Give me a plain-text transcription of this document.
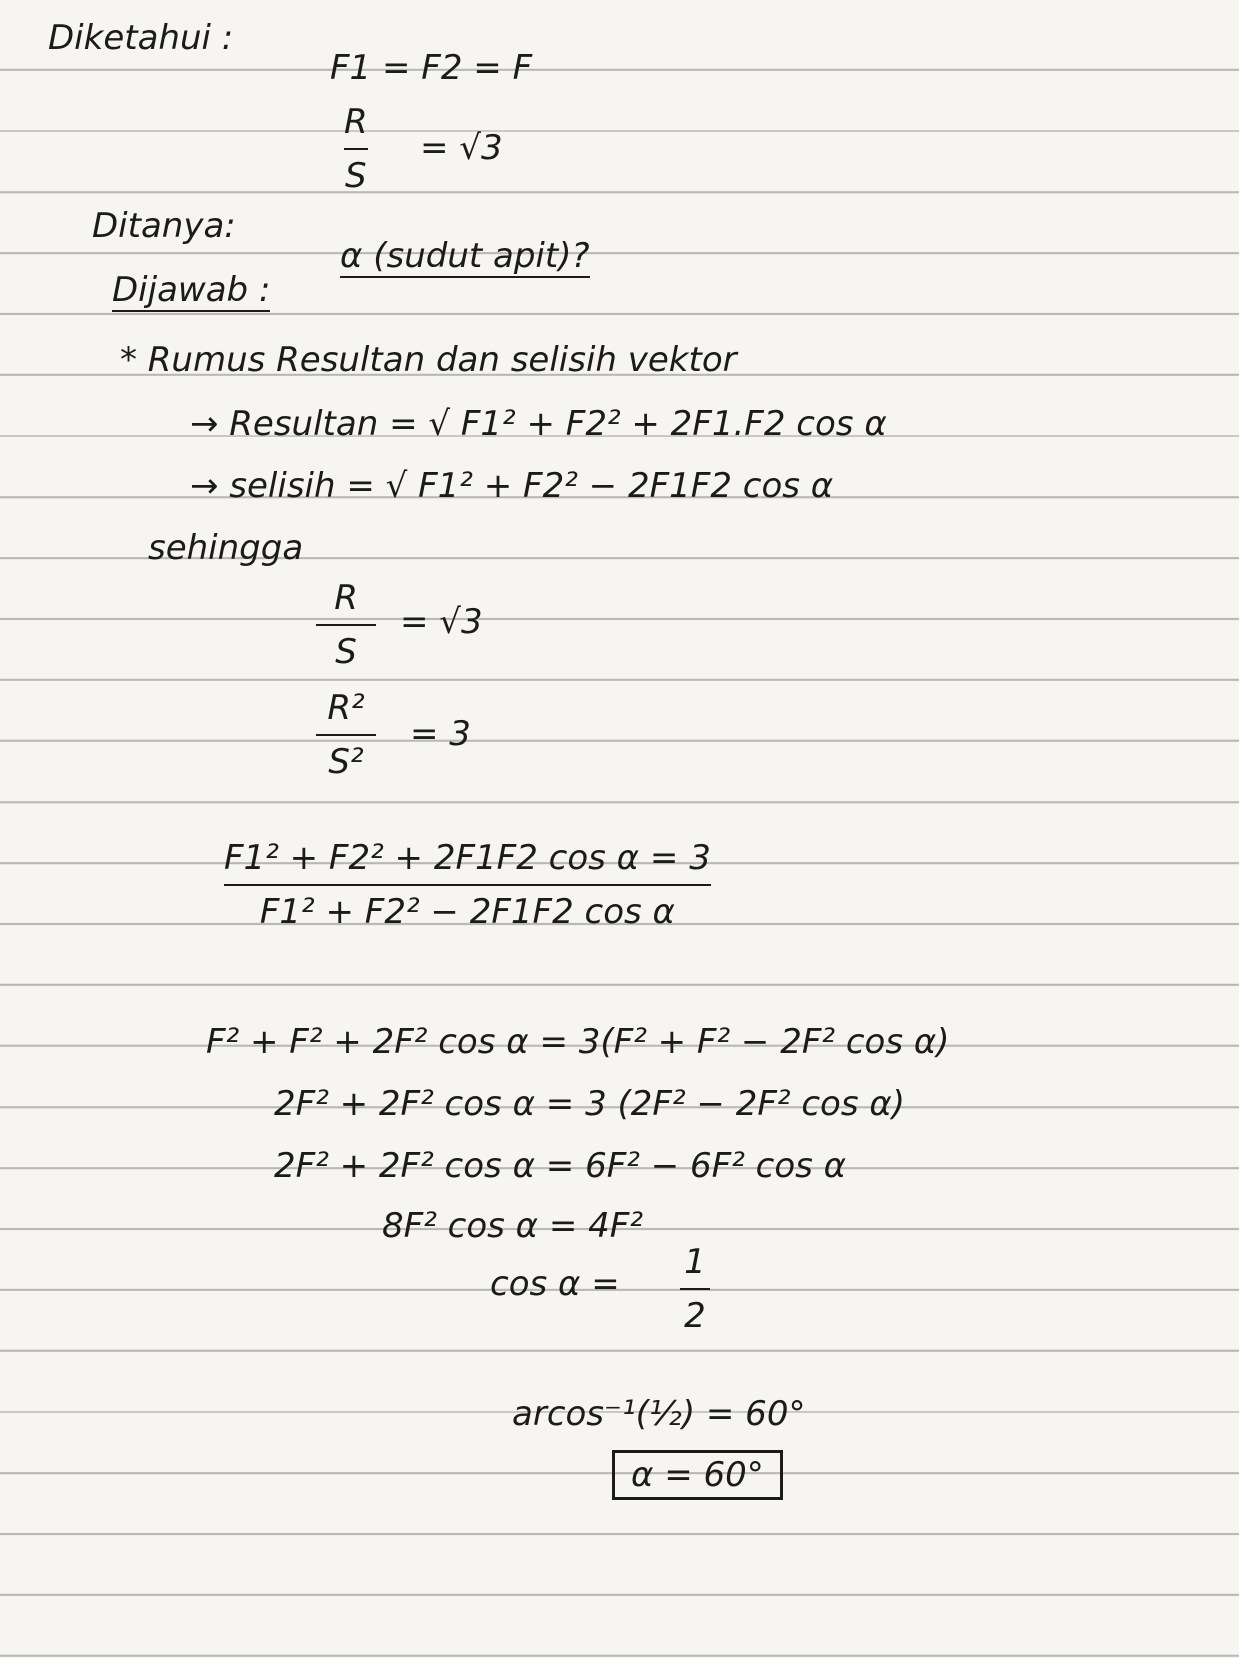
Diketahui :
F1 = F2 = F
R
S
= √3
Ditanya:
α (sudut apit)?
Dijawab :
* Rumus Resultan dan selisih vektor
→ Resultan = √ F1² + F2² + 2F1.F2 cos α
→ selisih = √ F1² + F2² − 2F1F2 cos α
sehingga
R
S
= √3
R²
S²
= 3
F1² + F2² + 2F1F2 cos α = 3
F1² + F2² − 2F1F2 cos α
F² + F² + 2F² cos α = 3(F² + F² − 2F² cos α)
2F² + 2F² cos α = 3 (2F² − 2F² cos α)
2F² + 2F² cos α = 6F² − 6F² cos α
8F² cos α = 4F²
cos α =
1
2
arcos⁻¹(½) = 60°
α = 60°
